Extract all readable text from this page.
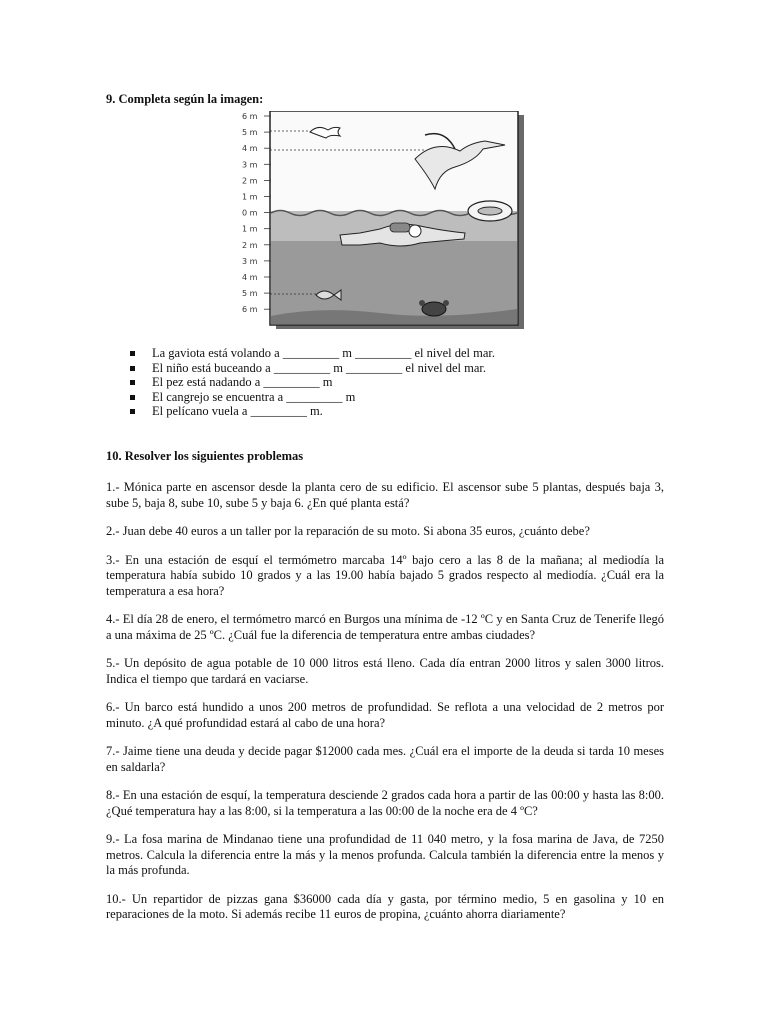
9. Completa según la imagen:

6 m
5 m
4 m
3 m
2 m
1 m
0 m
1 m
2 m
3 m
4 m
5 m
6 m
La gaviota está volando a _________ m _________ el nivel del mar.
El niño está buceando a _________ m _________ el nivel del mar.
El pez está nadando a _________ m
El cangrejo se encuentra a _________ m
El pelícano vuela a _________ m.

10. Resolver los siguientes problemas

1.- Mónica parte en ascensor desde la planta cero de su edificio. El ascensor sube 5 plantas, después baja 3, sube 5, baja 8, sube 10, sube 5 y baja 6. ¿En qué planta está?

2.- Juan debe 40 euros a un taller por la reparación de su moto. Si abona 35 euros, ¿cuánto debe?

3.- En una estación de esquí el termómetro marcaba 14º bajo cero a las 8 de la mañana; al mediodía la temperatura había subido 10 grados y a las 19.00 había bajado 5 grados respecto al mediodía. ¿Cuál era la temperatura a esa hora?

4.- El día 28 de enero, el termómetro marcó en Burgos una mínima de -12 ºC y en Santa Cruz de Tenerife llegó a una máxima de 25 ºC. ¿Cuál fue la diferencia de temperatura entre ambas ciudades?

5.- Un depósito de agua potable de 10 000 litros está lleno. Cada día entran 2000 litros y salen 3000 litros. Indica el tiempo que tardará en vaciarse.

6.- Un barco está hundido a unos 200 metros de profundidad. Se reflota a una velocidad de 2 metros por minuto. ¿A qué profundidad estará al cabo de una hora?

7.- Jaime tiene una deuda y decide pagar $12000 cada mes. ¿Cuál era el importe de la deuda si tarda 10 meses en saldarla?

8.- En una estación de esquí, la temperatura desciende 2 grados cada hora a partir de las 00:00 y hasta las 8:00. ¿Qué temperatura hay a las 8:00, si la temperatura a las 00:00 de la noche era de 4 ºC?

9.- La fosa marina de Mindanao tiene una profundidad de 11 040 metro, y la fosa marina de Java, de 7250 metros. Calcula la diferencia entre la más y la menos profunda. Calcula también la diferencia entre la menos y la más profunda.

10.- Un repartidor de pizzas gana $36000 cada día y gasta, por término medio, 5 en gasolina y 10 en reparaciones de la moto. Si además recibe 11 euros de propina, ¿cuánto ahorra diariamente?
